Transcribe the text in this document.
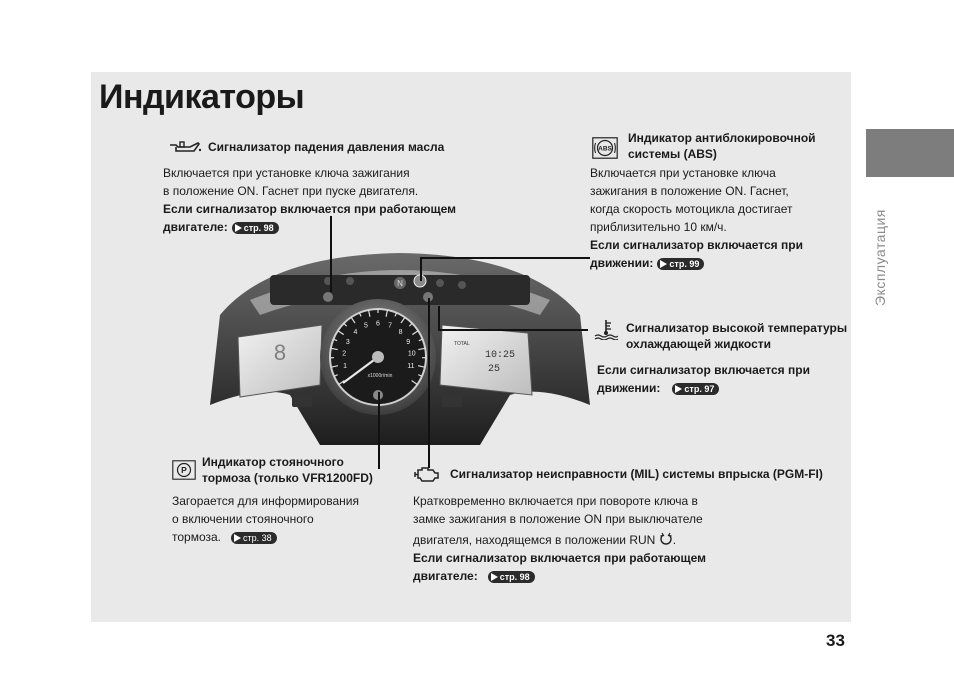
Эксплуатация
33
Индикаторы
Сигнализатор падения давления масла
Включается при установке ключа зажигания
в положение ON. Гаснет при пуске двигателя.
Если сигнализатор включается при работающем
двигателе: стр. 98
ABS
Индикатор антиблокировочной
системы (ABS)
Включается при установке ключа
зажигания в положение ON. Гаснет,
когда скорость мотоцикла достигает
приблизительно 10 км/ч.
Если сигнализатор включается при
движении: стр. 99
Сигнализатор высокой температуры
охлаждающей жидкости
Если сигнализатор включается при
движении:	стр. 97
P
Индикатор стояночного
тормоза (только VFR1200FD)
Загорается для информирования
о включении стояночного
тормоза. стр. 38
Сигнализатор неисправности (MIL) системы впрыска (PGM-FI)
Кратковременно включается при повороте ключа в
замке зажигания в положение ON при выключателе
двигателя, находящемся в положении RUN .
Если сигнализатор включается при работающем
двигателе: стр. 98
8	TOTAL
10:25
25
N
1
2
3
4
5 6 7
8
9
10
11
x1000r/min
